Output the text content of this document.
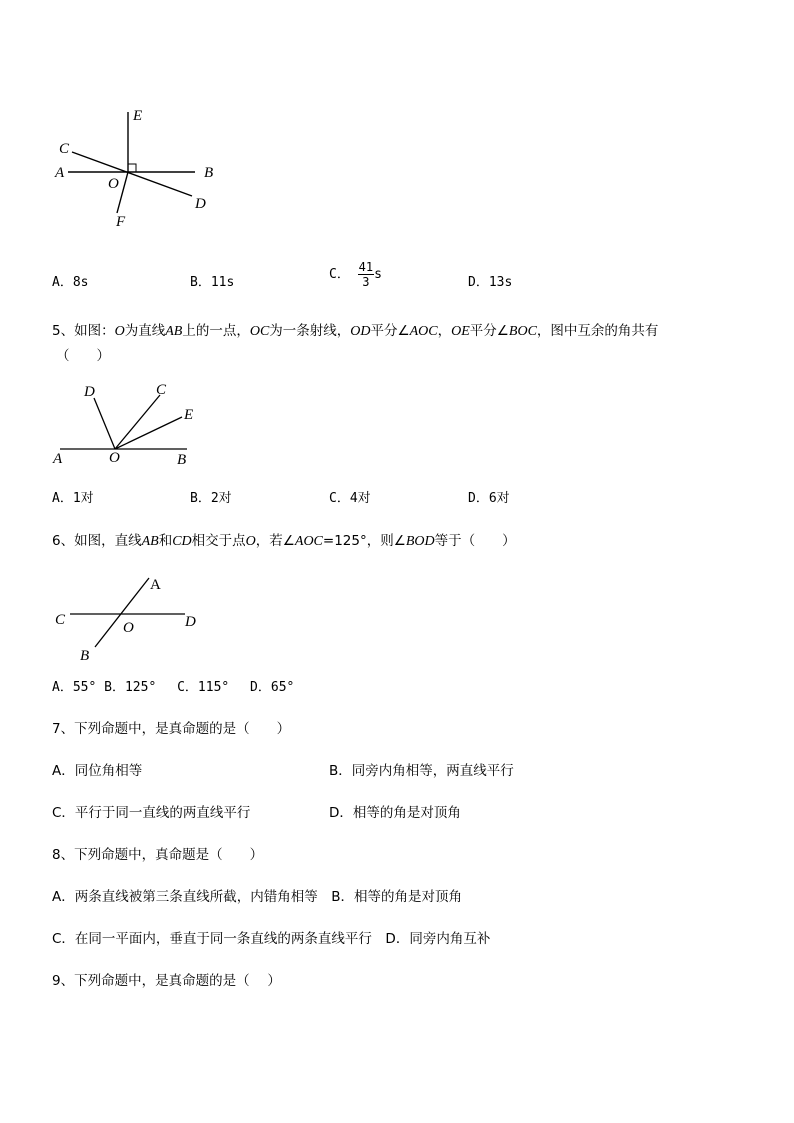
E
C
A
O
B
D
F
A．8s	B．11s
C． $\frac{41}{3}$ s
D．13s
5、如图：O为直线AB上的一点，OC为一条射线，OD平分∠AOC，OE平分∠BOC，图中互余的角共有
（　　）
D	C
E
A	O	B
A．1对	B．2对	C．4对	D．6对
6、如图，直线AB和CD相交于点O，若∠AOC=125°，则∠BOD等于（　　）
A
C	O	D
B
A．55° B．125°　 C．115°　 D．65°
7、下列命题中，是真命题的是（　　）
A．同位角相等	B．同旁内角相等，两直线平行
C．平行于同一直线的两直线平行	D．相等的角是对顶角
8、下列命题中，真命题是（　　）
A．两条直线被第三条直线所截，内错角相等　B．相等的角是对顶角
C．在同一平面内，垂直于同一条直线的两条直线平行　D．同旁内角互补
9、下列命题中，是真命题的是（　 ）
